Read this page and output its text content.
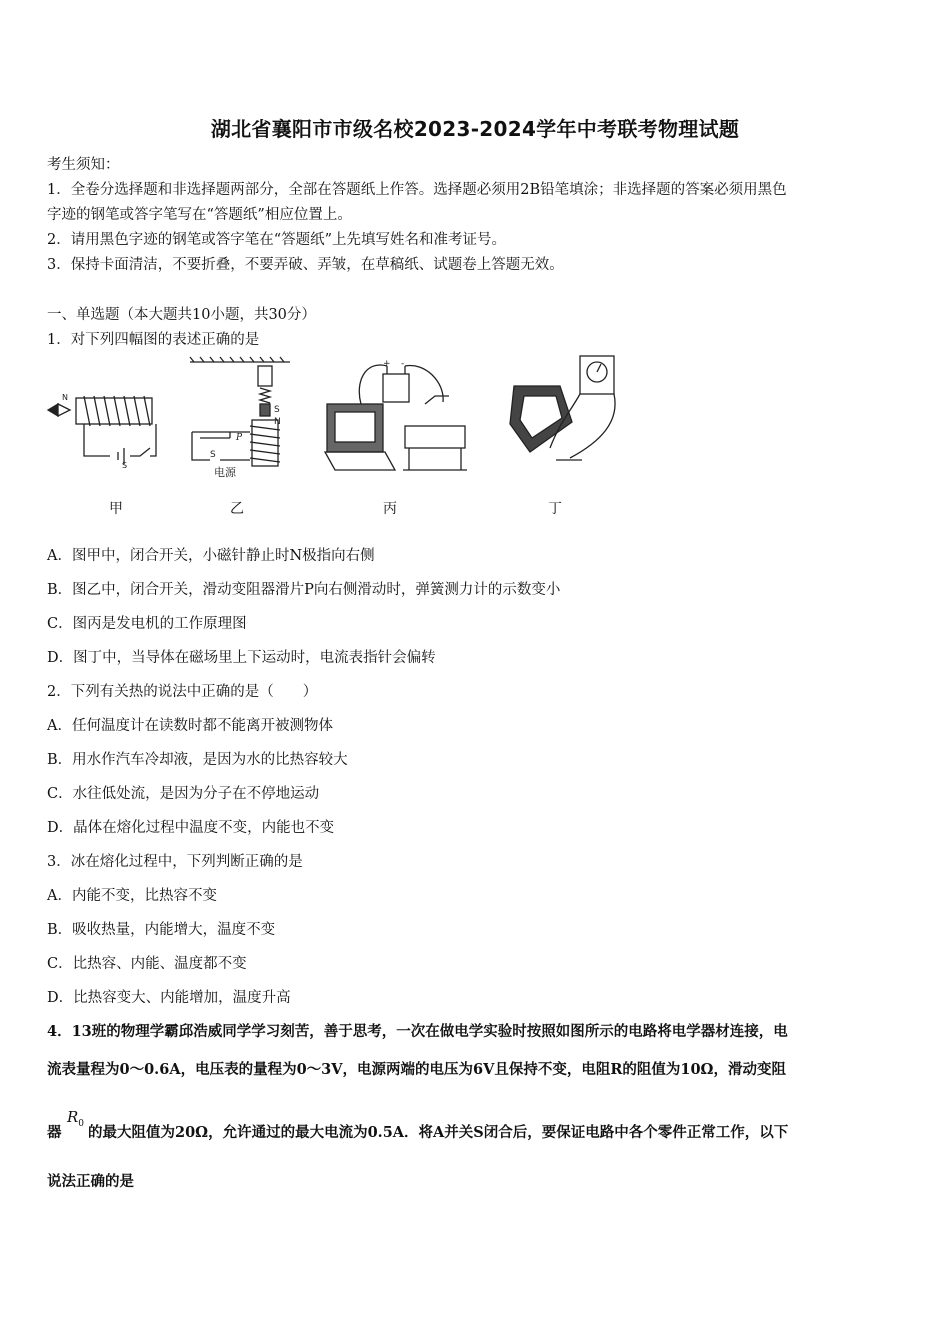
湖北省襄阳市市级名校2023-2024学年中考联考物理试题
考生须知：
1．全卷分选择题和非选择题两部分，全部在答题纸上作答。选择题必须用2B铅笔填涂；非选择题的答案必须用黑色
字迹的钢笔或答字笔写在“答题纸”相应位置上。
2．请用黑色字迹的钢笔或答字笔在“答题纸”上先填写姓名和准考证号。
3．保持卡面清洁，不要折叠，不要弄破、弄皱，在草稿纸、试题卷上答题无效。
一、单选题（本大题共10小题，共30分）
1．对下列四幅图的表述正确的是
N
S
S
N
P
S
电源
+ -
甲	乙	丙	丁
A．图甲中，闭合开关，小磁针静止时N极指向右侧
B．图乙中，闭合开关，滑动变阻器滑片P向右侧滑动时，弹簧测力计的示数变小
C．图丙是发电机的工作原理图
D．图丁中，当导体在磁场里上下运动时，电流表指针会偏转
2．下列有关热的说法中正确的是（　　）
A．任何温度计在读数时都不能离开被测物体
B．用水作汽车冷却液，是因为水的比热容较大
C．水往低处流，是因为分子在不停地运动
D．晶体在熔化过程中温度不变，内能也不变
3．冰在熔化过程中，下列判断正确的是
A．内能不变，比热容不变
B．吸收热量，内能增大，温度不变
C．比热容、内能、温度都不变
D．比热容变大、内能增加，温度升高
4．13班的物理学霸邱浩威同学学习刻苦，善于思考，一次在做电学实验时按照如图所示的电路将电学器材连接，电
流表量程为0～0.6A，电压表的量程为0～3V，电源两端的电压为6V且保持不变，电阻R的阻值为10Ω，滑动变阻
器
$R_0$ 的最大阻值为20Ω，允许通过的最大电流为0.5A．将A并关S闭合后，要保证电路中各个零件正常工作，以下
说法正确的是
